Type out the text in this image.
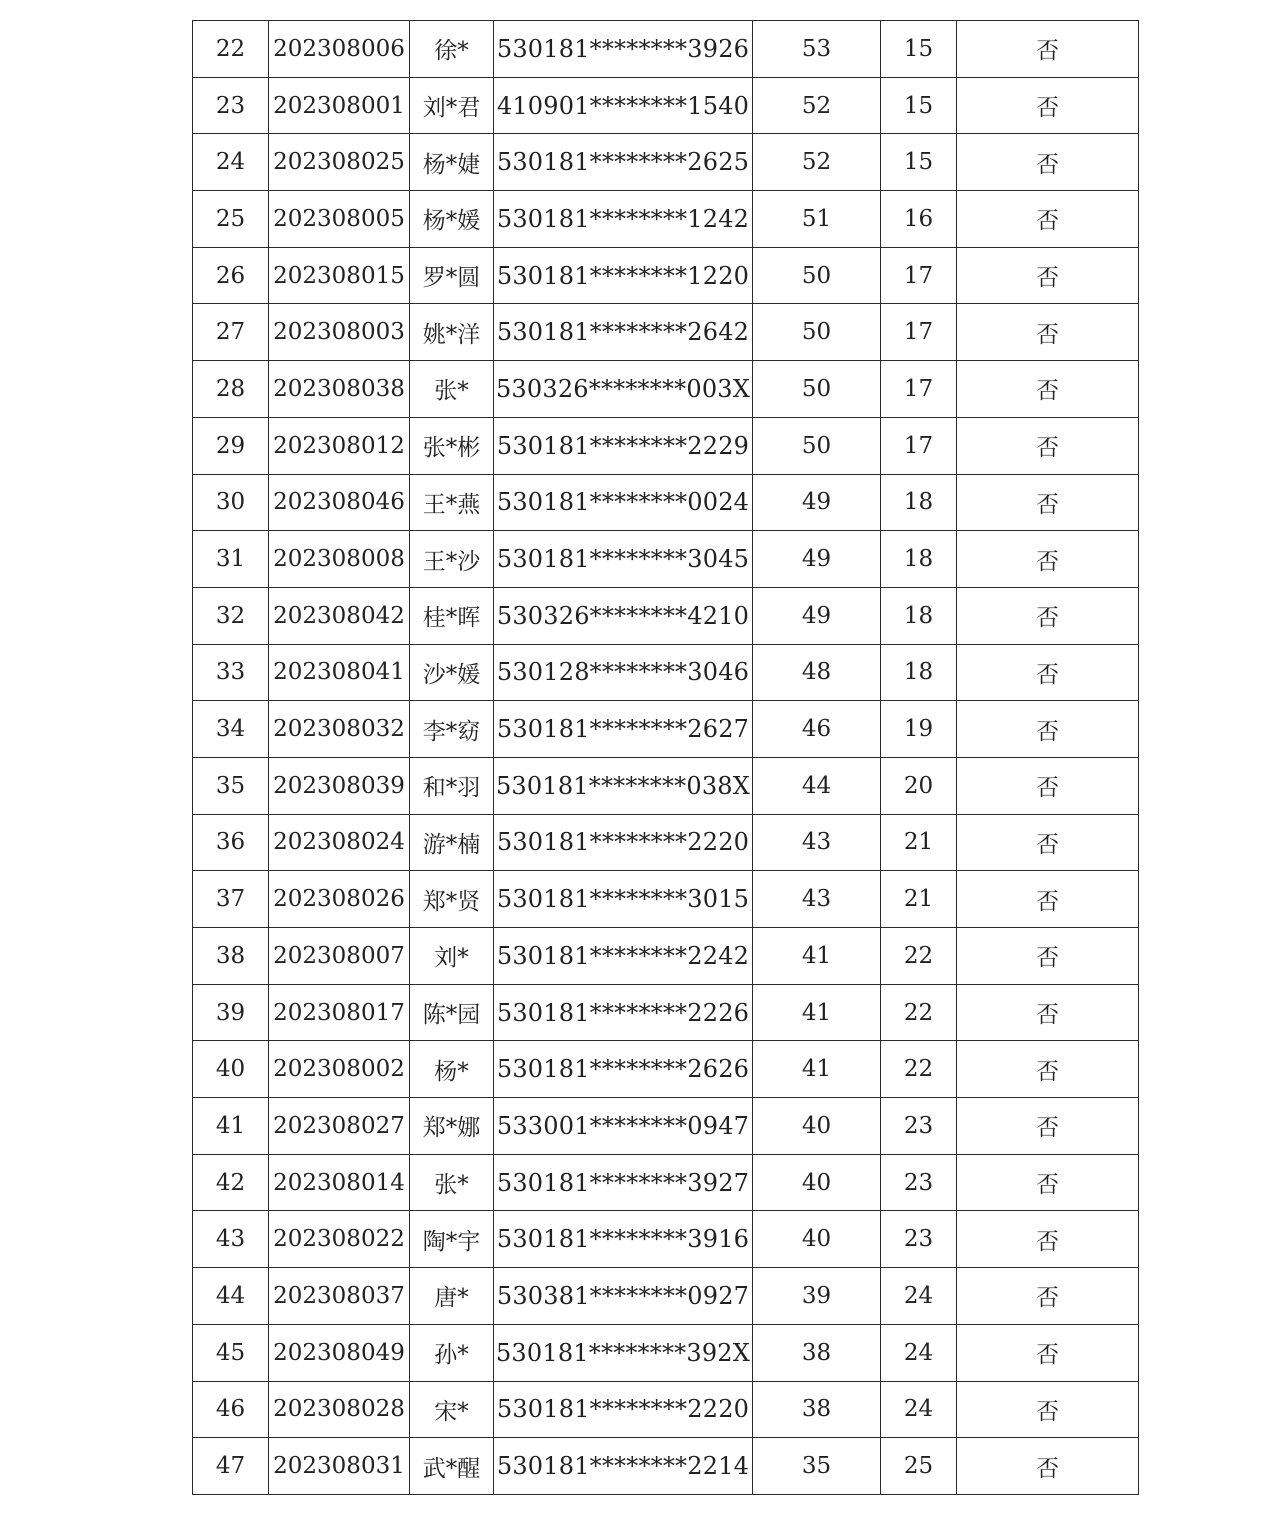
22	202308006	徐*	530181********3926	53	15	否
23	202308001	刘*君	410901********1540	52	15	否
24	202308025	杨*婕	530181********2625	52	15	否
25	202308005	杨*媛	530181********1242	51	16	否
26	202308015	罗*圆	530181********1220	50	17	否
27	202308003	姚*洋	530181********2642	50	17	否
28	202308038	张*	530326********003X	50	17	否
29	202308012	张*彬	530181********2229	50	17	否
30	202308046	王*燕	530181********0024	49	18	否
31	202308008	王*沙	530181********3045	49	18	否
32	202308042	桂*晖	530326********4210	49	18	否
33	202308041	沙*媛	530128********3046	48	18	否
34	202308032	李*窈	530181********2627	46	19	否
35	202308039	和*羽	530181********038X	44	20	否
36	202308024	游*楠	530181********2220	43	21	否
37	202308026	郑*贤	530181********3015	43	21	否
38	202308007	刘*	530181********2242	41	22	否
39	202308017	陈*园	530181********2226	41	22	否
40	202308002	杨*	530181********2626	41	22	否
41	202308027	郑*娜	533001********0947	40	23	否
42	202308014	张*	530181********3927	40	23	否
43	202308022	陶*宇	530181********3916	40	23	否
44	202308037	唐*	530381********0927	39	24	否
45	202308049	孙*	530181********392X	38	24	否
46	202308028	宋*	530181********2220	38	24	否
47	202308031	武*醒	530181********2214	35	25	否
